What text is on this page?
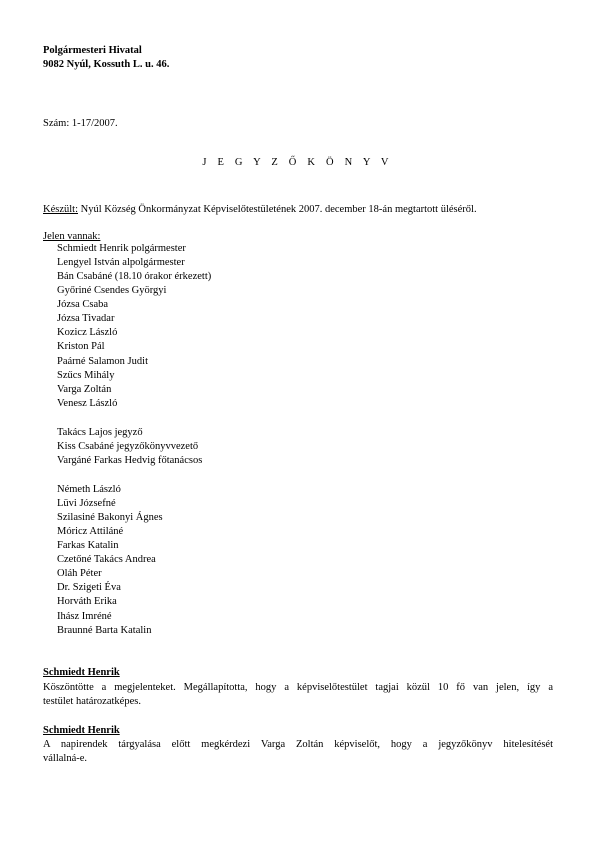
Polgármesteri Hivatal
9082 Nyúl, Kossuth L. u. 46.
Szám: 1-17/2007.
J E G Y Z Ő K Ö N Y V
Készült: Nyúl Község Önkormányzat Képviselőtestületének 2007. december 18-án megtartott üléséről.
Jelen vannak:
Schmiedt Henrik polgármester
Lengyel István alpolgármester
Bán Csabáné (18.10 órakor érkezett)
Győriné Csendes Györgyi
Józsa Csaba
Józsa Tivadar
Kozicz László
Kriston Pál
Paárné Salamon Judit
Szűcs Mihály
Varga Zoltán
Venesz László
Takács Lajos jegyző
Kiss Csabáné jegyzőkönyvvezető
Vargáné Farkas Hedvig főtanácsos
Németh László
Lüvi Józsefné
Szilasiné Bakonyi Ágnes
Móricz Attiláné
Farkas Katalin
Czetőné Takács Andrea
Oláh Péter
Dr. Szigeti Éva
Horváth Erika
Ihász Imréné
Braunné Barta Katalin
Schmiedt Henrik
Köszöntötte a megjelenteket. Megállapította, hogy a képviselőtestület tagjai közül 10 fő van jelen, így a
testület határozatképes.
Schmiedt Henrik
A napirendek tárgyalása előtt megkérdezi Varga Zoltán képviselőt, hogy a jegyzőkönyv hitelesítését
vállalná-e.
